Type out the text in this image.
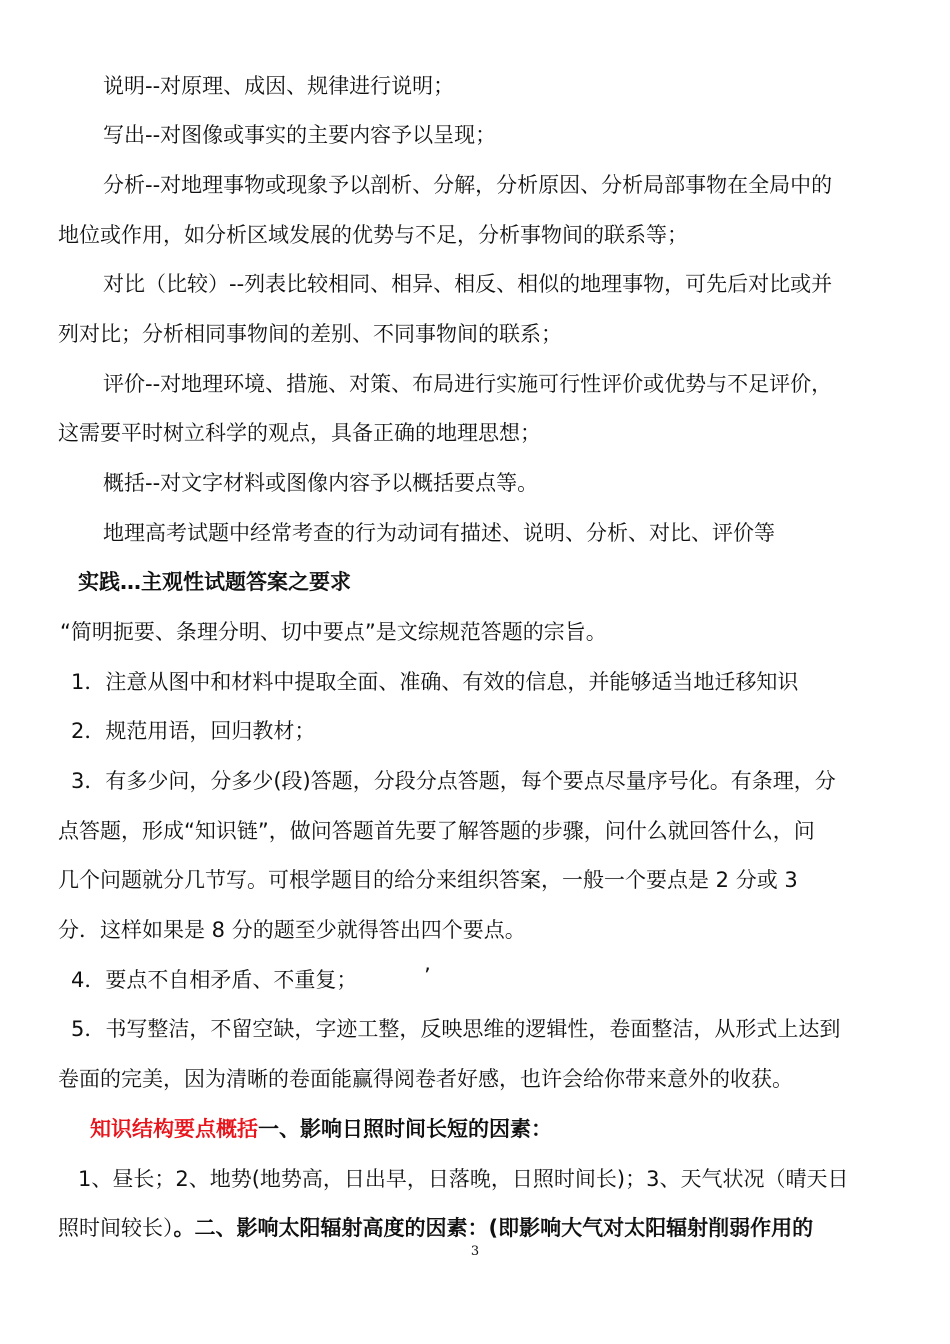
说明--对原理、成因、规律进行说明；
写出--对图像或事实的主要内容予以呈现；
分析--对地理事物或现象予以剖析、分解，分析原因、分析局部事物在全局中的
地位或作用，如分析区域发展的优势与不足，分析事物间的联系等；
对比（比较）--列表比较相同、相异、相反、相似的地理事物，可先后对比或并
列对比；分析相同事物间的差别、不同事物间的联系；
评价--对地理环境、措施、对策、布局进行实施可行性评价或优势与不足评价，
这需要平时树立科学的观点，具备正确的地理思想；
概括--对文字材料或图像内容予以概括要点等。
地理高考试题中经常考查的行为动词有描述、说明、分析、对比、评价等
实践…主观性试题答案之要求
“简明扼要、条理分明、切中要点”是文综规范答题的宗旨。
1．注意从图中和材料中提取全面、准确、有效的信息，并能够适当地迁移知识
2．规范用语，回归教材；
3．有多少问，分多少(段)答题，分段分点答题，每个要点尽量序号化。有条理，分
点答题，形成“知识链”，做问答题首先要了解答题的步骤，问什么就回答什么，问
几个问题就分几节写。可根学题目的给分来组织答案，一般一个要点是 2 分或 3
分．这样如果是 8 分的题至少就得答出四个要点。
4．要点不自相矛盾、不重复；	’
5．书写整洁，不留空缺，字迹工整，反映思维的逻辑性，卷面整洁，从形式上达到
卷面的完美，因为清晰的卷面能赢得阅卷者好感，也许会给你带来意外的收获。
知识结构要点概括一、影响日照时间长短的因素：
1、昼长；2、地势(地势高，日出早，日落晚，日照时间长)；3、天气状况（晴天日
照时间较长）。二、影响太阳辐射高度的因素：(即影响大气对太阳辐射削弱作用的
3
